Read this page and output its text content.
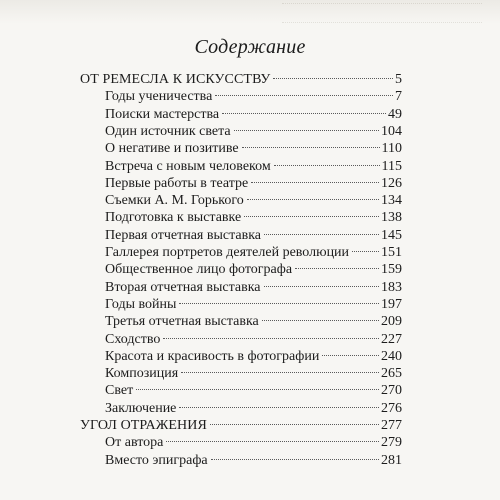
Содержание
ОТ РЕМЕСЛА К ИСКУССТВУ	5
Годы ученичества	7
Поиски мастерства	49
Один источник света	104
О негативе и позитиве	110
Встреча с новым человеком	115
Первые работы в театре	126
Съемки А. М. Горького	134
Подготовка к выставке	138
Первая отчетная выставка	145
Галлерея портретов деятелей революции 151
Общественное лицо фотографа	159
Вторая отчетная выставка	183
Годы войны	197
Третья отчетная выставка	209
Сходство	227
Красота и красивость в фотографии	240
Композиция	265
Свет	270
Заключение	276
УГОЛ ОТРАЖЕНИЯ	277
От автора	279
Вместо эпиграфа	281
